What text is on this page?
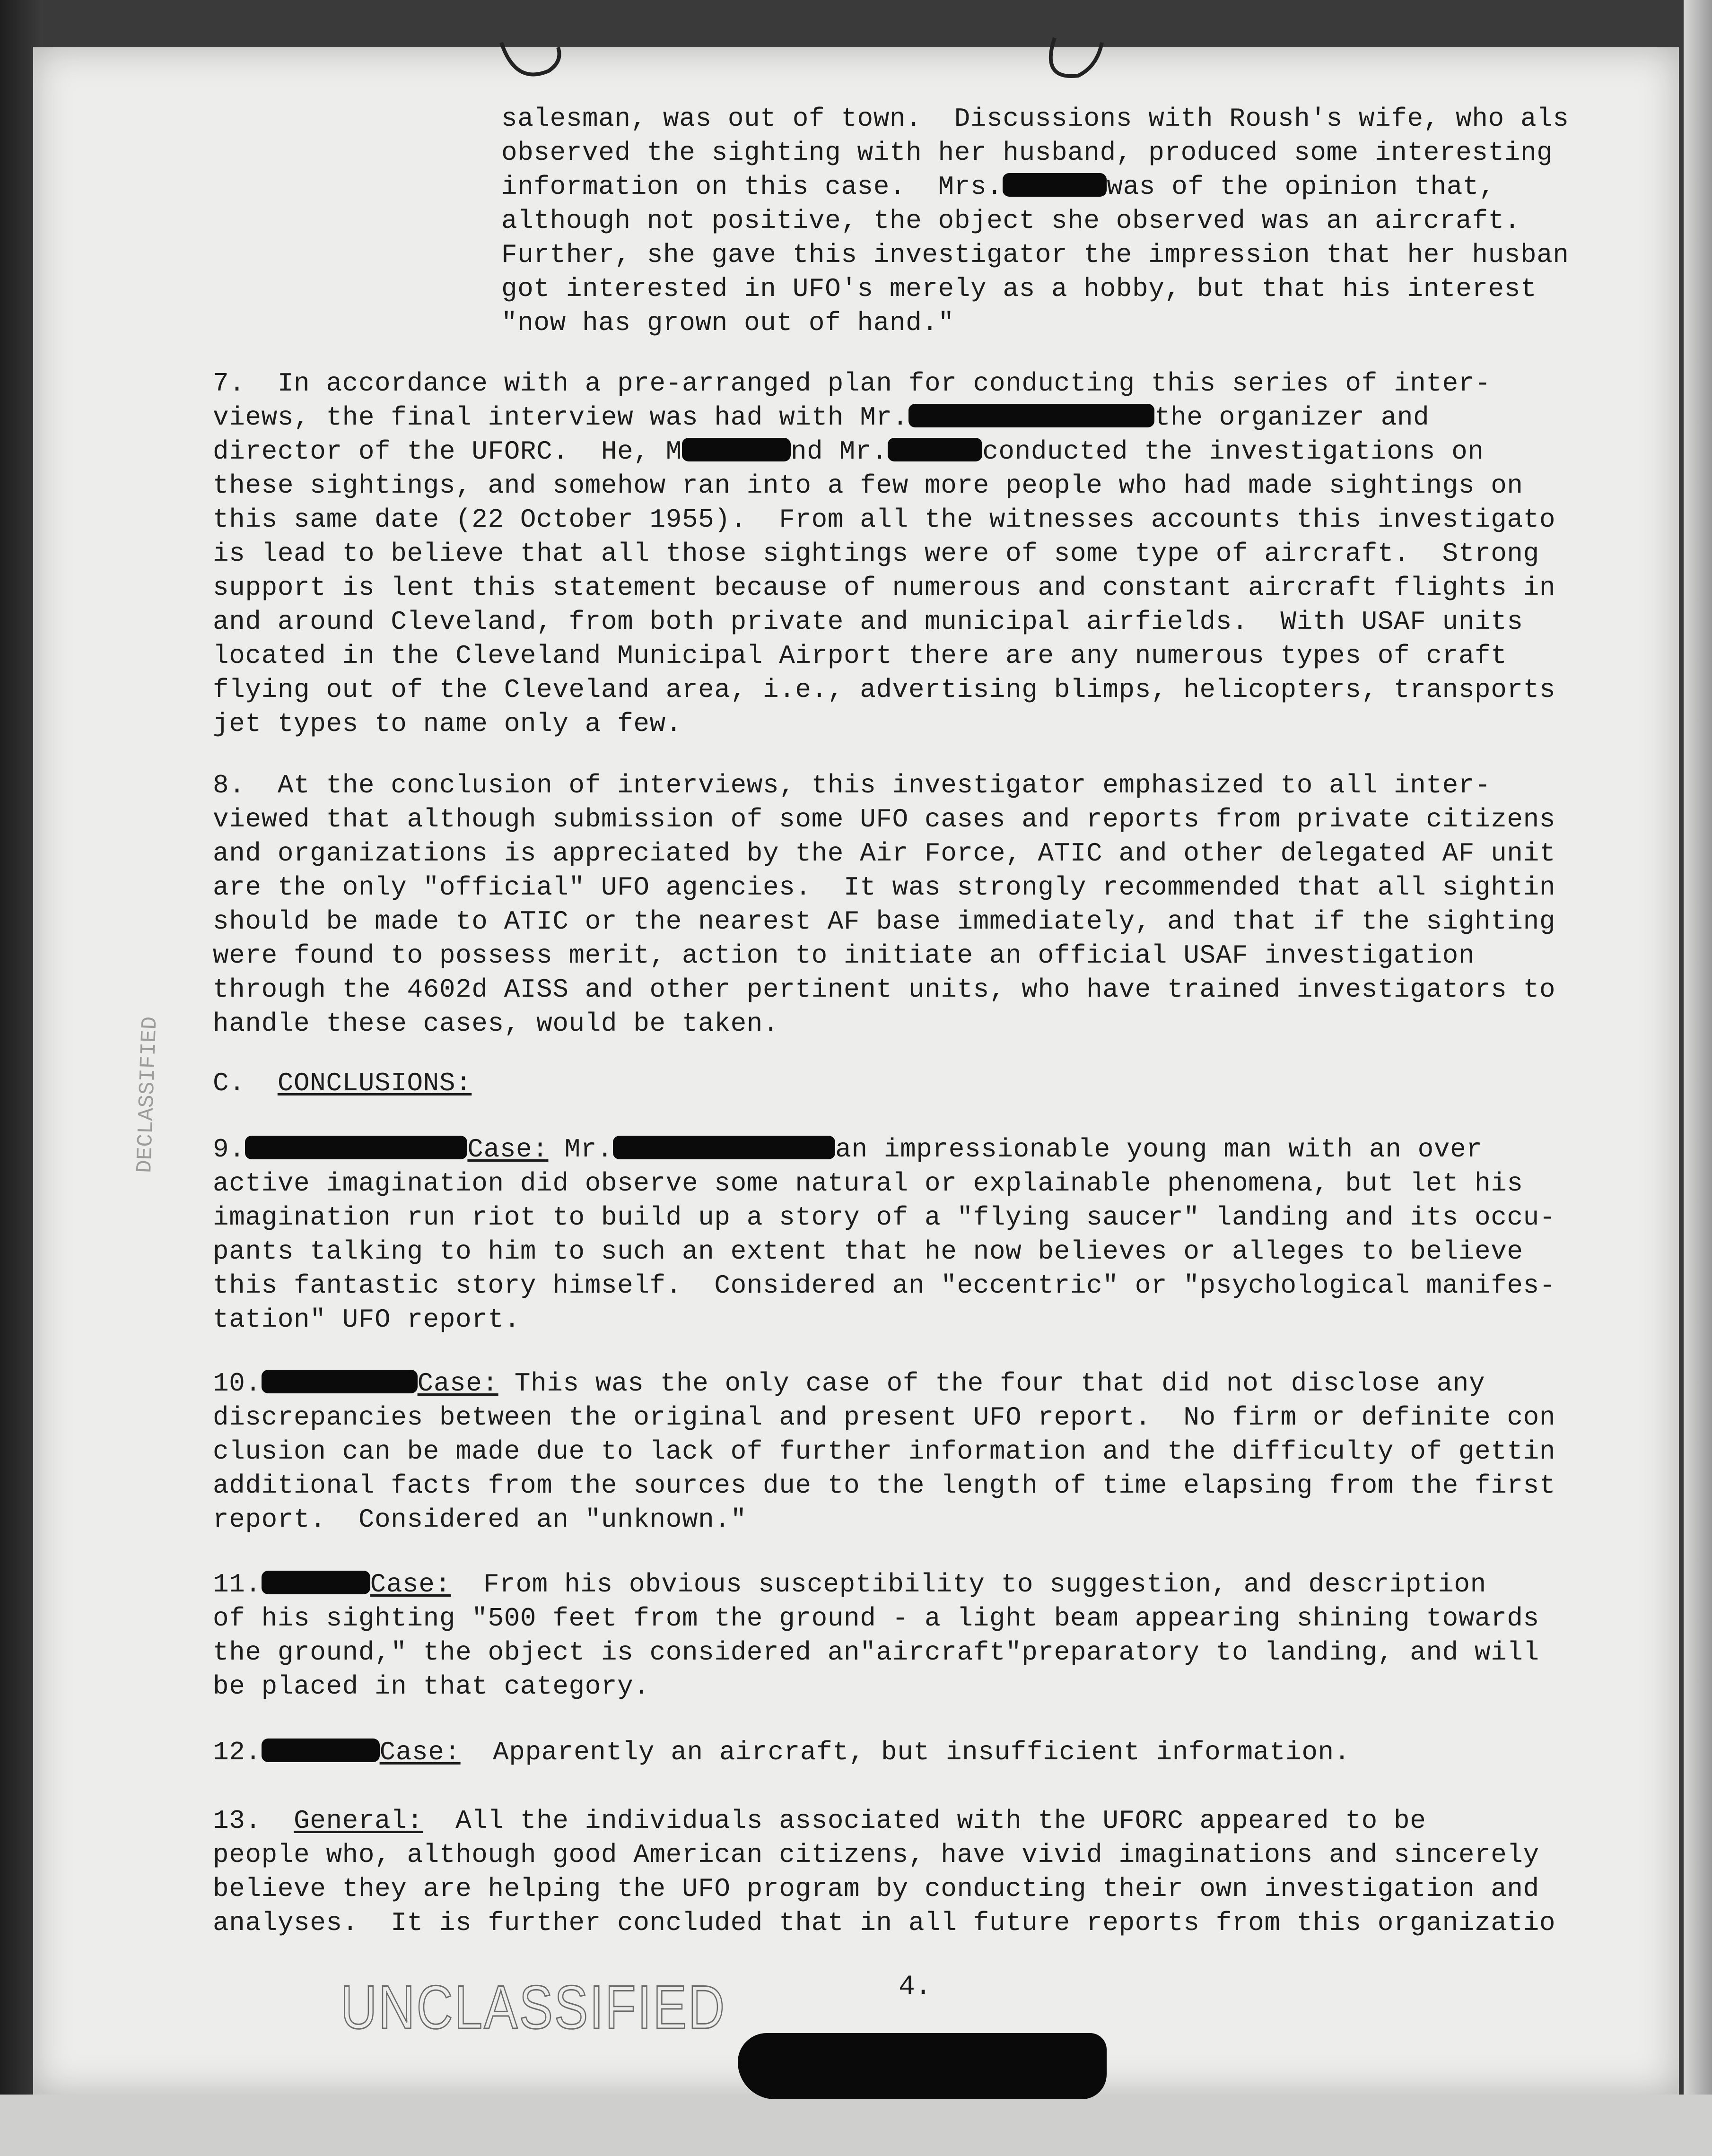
DECLASSIFIED
salesman, was out of town.  Discussions with Roush's wife, who als
observed the sighting with her husband, produced some interesting
information on this case.  Mrs.	was of the opinion that,
although not positive, the object she observed was an aircraft.
Further, she gave this investigator the impression that her husban
got interested in UFO's merely as a hobby, but that his interest
"now has grown out of hand."
7.  In accordance with a pre-arranged plan for conducting this series of inter-
views, the final interview was had with Mr.	the organizer and
director of the UFORC.  He, M	nd Mr.	conducted the investigations on
these sightings, and somehow ran into a few more people who had made sightings on
this same date (22 October 1955).  From all the witnesses accounts this investigato
is lead to believe that all those sightings were of some type of aircraft.  Strong
support is lent this statement because of numerous and constant aircraft flights in
and around Cleveland, from both private and municipal airfields.  With USAF units
located in the Cleveland Municipal Airport there are any numerous types of craft
flying out of the Cleveland area, i.e., advertising blimps, helicopters, transports
jet types to name only a few.
8.  At the conclusion of interviews, this investigator emphasized to all inter-
viewed that although submission of some UFO cases and reports from private citizens
and organizations is appreciated by the Air Force, ATIC and other delegated AF unit
are the only "official" UFO agencies.  It was strongly recommended that all sightin
should be made to ATIC or the nearest AF base immediately, and that if the sighting
were found to possess merit, action to initiate an official USAF investigation
through the 4602d AISS and other pertinent units, who have trained investigators to
handle these cases, would be taken.
C.  CONCLUSIONS:
9.	Case: Mr.	an impressionable young man with an over
active imagination did observe some natural or explainable phenomena, but let his
imagination run riot to build up a story of a "flying saucer" landing and its occu-
pants talking to him to such an extent that he now believes or alleges to believe
this fantastic story himself.  Considered an "eccentric" or "psychological manifes-
tation" UFO report.
10.	Case: This was the only case of the four that did not disclose any
discrepancies between the original and present UFO report.  No firm or definite con
clusion can be made due to lack of further information and the difficulty of gettin
additional facts from the sources due to the length of time elapsing from the first
report.  Considered an "unknown."
11.	Case:  From his obvious susceptibility to suggestion, and description
of his sighting "500 feet from the ground - a light beam appearing shining towards
the ground," the object is considered an"aircraft"preparatory to landing, and will
be placed in that category.
12.	Case:  Apparently an aircraft, but insufficient information.
13.  General:  All the individuals associated with the UFORC appeared to be
people who, although good American citizens, have vivid imaginations and sincerely
believe they are helping the UFO program by conducting their own investigation and
analyses.  It is further concluded that in all future reports from this organizatio
UNCLASSIFIED	4.
